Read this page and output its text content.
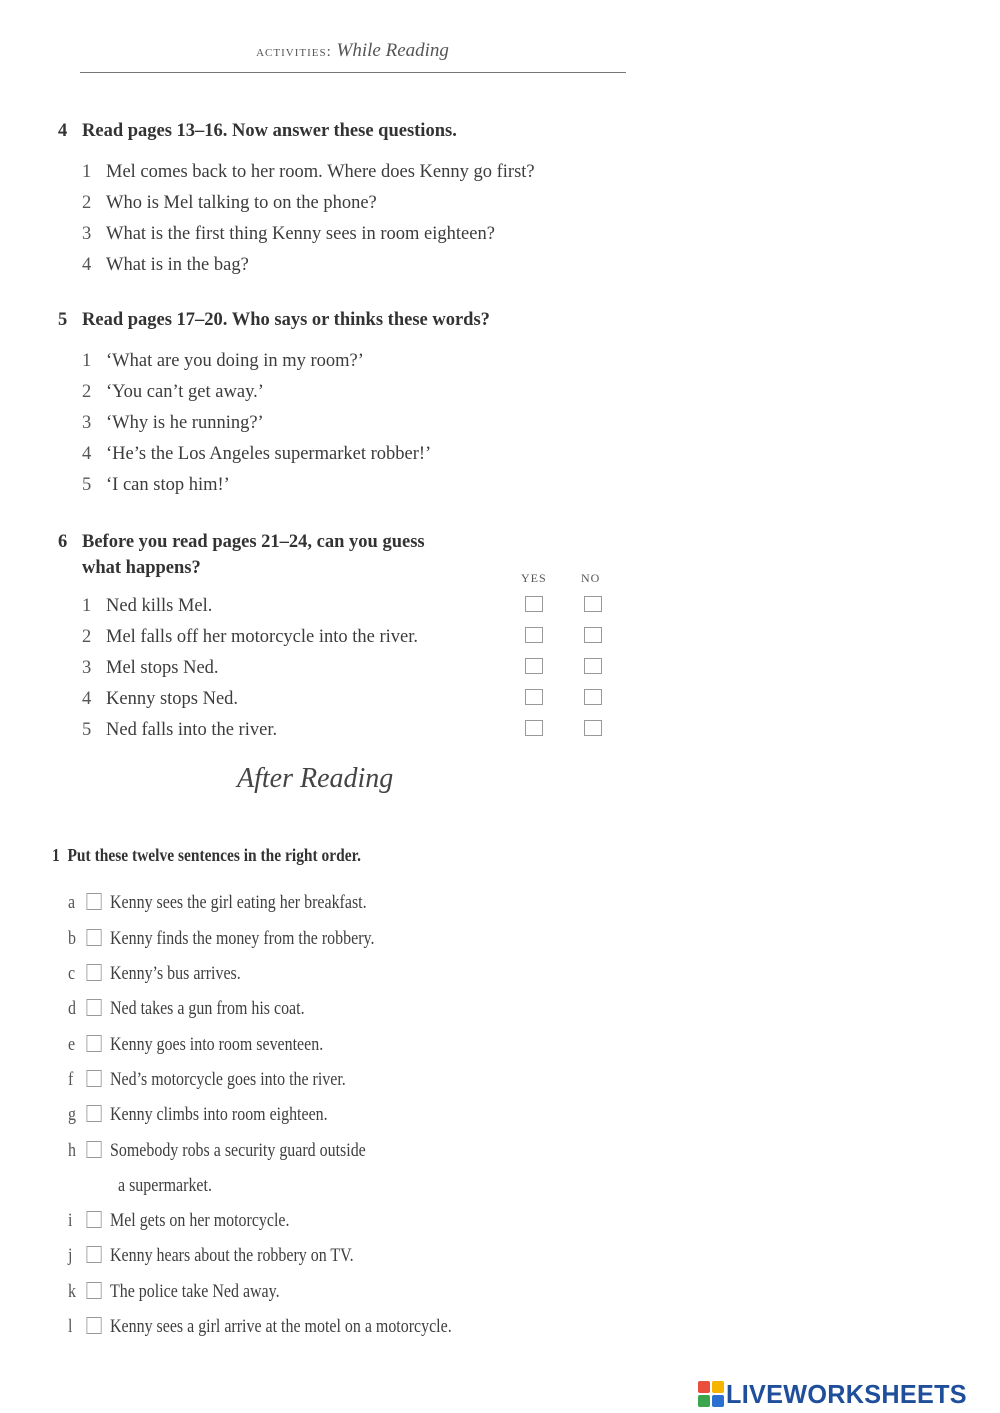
activities: While Reading
4 Read pages 13–16. Now answer these questions.
1 Mel comes back to her room. Where does Kenny go first?
2 Who is Mel talking to on the phone?
3 What is the first thing Kenny sees in room eighteen?
4 What is in the bag?
5 Read pages 17–20. Who says or thinks these words?
1 ‘What are you doing in my room?’
2 ‘You can’t get away.’
3 ‘Why is he running?’
4 ‘He’s the Los Angeles supermarket robber!’
5 ‘I can stop him!’
6 Before you read pages 21–24, can you guess
what happens?	YES	NO
1 Ned kills Mel.
2 Mel falls off her motorcycle into the river.
3 Mel stops Ned.
4 Kenny stops Ned.
5 Ned falls into the river.
After Reading
1 Put these twelve sentences in the right order.
a Kenny sees the girl eating her breakfast.
b Kenny finds the money from the robbery.
c Kenny’s bus arrives.
d Ned takes a gun from his coat.
e Kenny goes into room seventeen.
f Ned’s motorcycle goes into the river.
g Kenny climbs into room eighteen.
h Somebody robs a security guard outside
a supermarket.
i Mel gets on her motorcycle.
j Kenny hears about the robbery on TV.
k The police take Ned away.
l Kenny sees a girl arrive at the motel on a motorcycle.
LIVEWORKSHEETS
